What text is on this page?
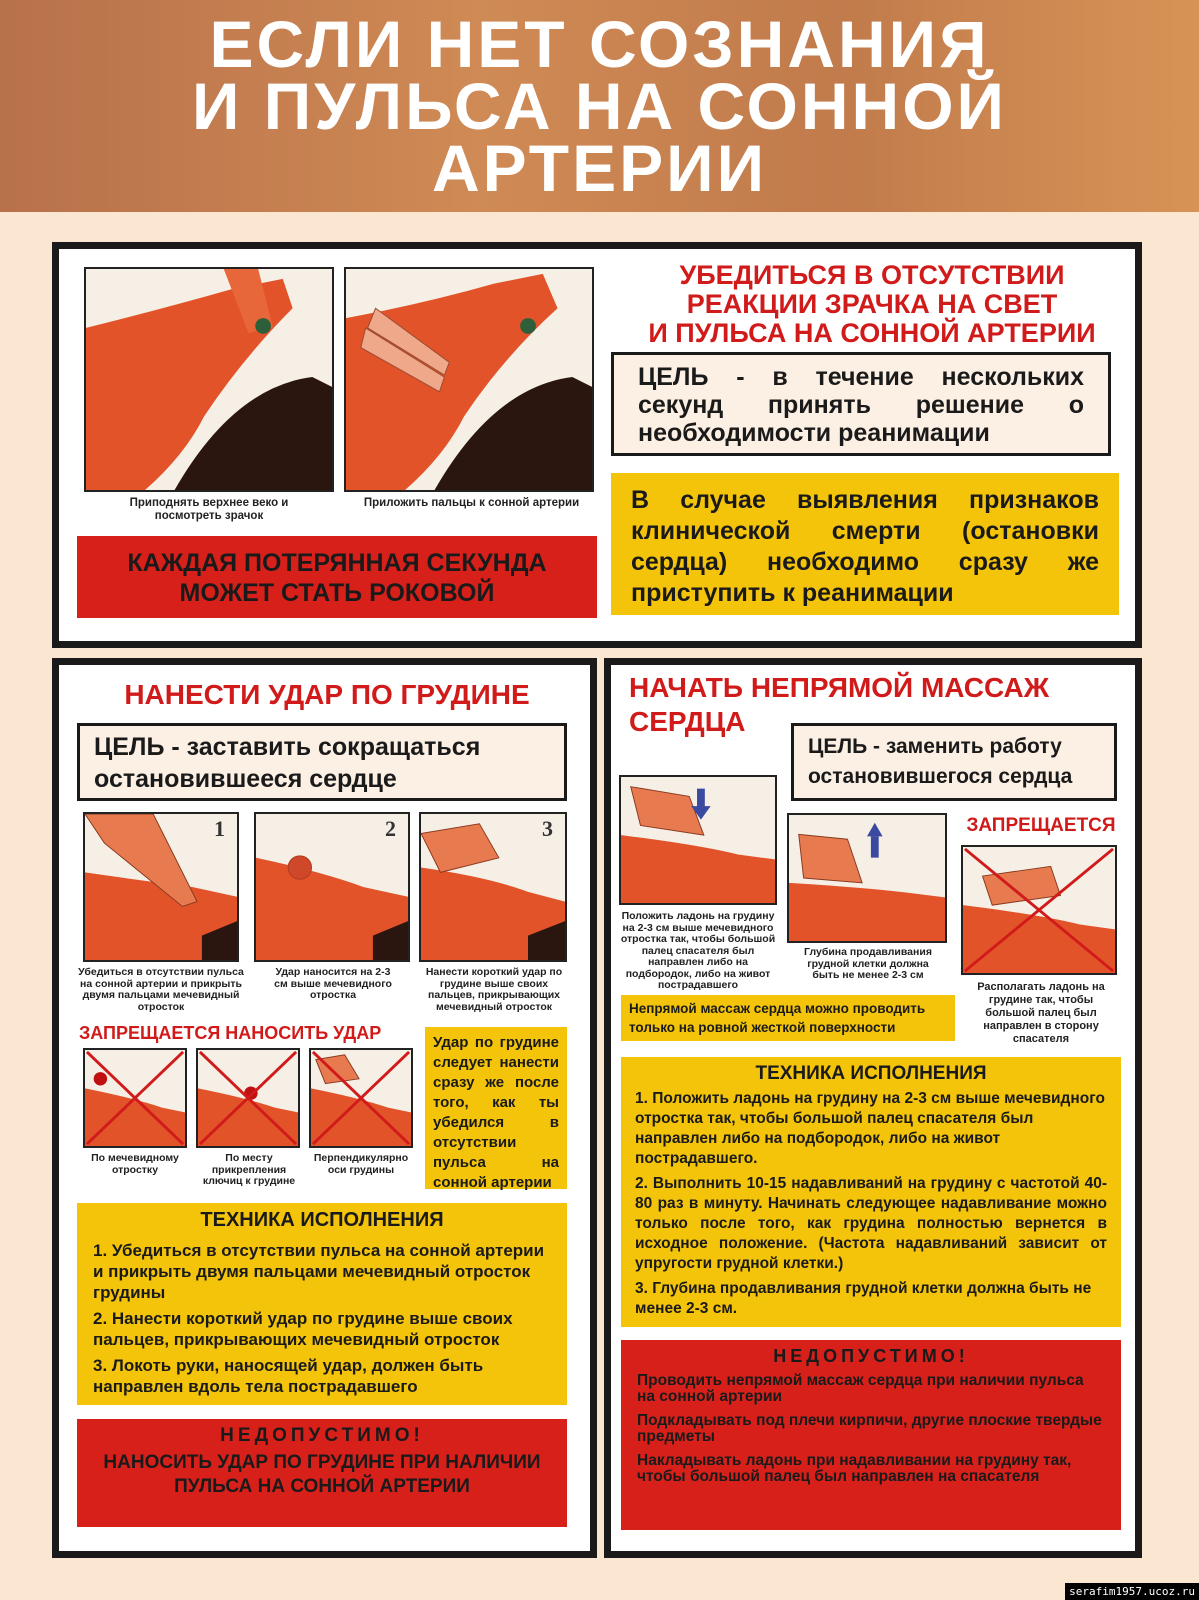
ЕСЛИ НЕТ СОЗНАНИЯ
И ПУЛЬСА НА СОННОЙ
АРТЕРИИ
Приподнять верхнее веко и посмотреть зрачок
Приложить пальцы к сонной артерии
КАЖДАЯ ПОТЕРЯННАЯ СЕКУНДА МОЖЕТ СТАТЬ РОКОВОЙ
УБЕДИТЬСЯ В ОТСУТСТВИИ
РЕАКЦИИ ЗРАЧКА НА СВЕТ
И ПУЛЬСА НА СОННОЙ АРТЕРИИ
ЦЕЛЬ - в течение нескольких секунд принять решение о необходимости реанимации
В случае выявления признаков клинической смерти (остановки сердца) необходимо сразу же приступить к реанимации
НАНЕСТИ УДАР ПО ГРУДИНЕ
ЦЕЛЬ - заставить сокращаться остановившееся сердце
1	2	3
Убедиться в отсутствии пульса на сонной артерии и прикрыть двумя пальцами мечевидный отросток
Удар наносится на 2-3 см выше мечевидного отростка
Нанести короткий удар по грудине выше своих пальцев, прикрывающих мечевидный отросток
ЗАПРЕЩАЕТСЯ НАНОСИТЬ УДАР
По мечевидному отростку
По месту прикрепления ключиц к грудине
Перпендикулярно оси грудины
Удар по грудине следует нанести сразу же после того, как ты убедился в отсутствии пульса на сонной артерии
ТЕХНИКА ИСПОЛНЕНИЯ
1. Убедиться в отсутствии пульса на сонной артерии и прикрыть двумя пальцами мечевидный отросток грудины
2. Нанести короткий удар по грудине выше своих пальцев, прикрывающих мечевидный отросток
3. Локоть руки, наносящей удар, должен быть направлен вдоль тела пострадавшего
НЕДОПУСТИМО!
НАНОСИТЬ УДАР ПО ГРУДИНЕ ПРИ НАЛИЧИИ ПУЛЬСА НА СОННОЙ АРТЕРИИ
НАЧАТЬ НЕПРЯМОЙ МАССАЖ
СЕРДЦА
ЦЕЛЬ - заменить работу остановившегося сердца
ЗАПРЕЩАЕТСЯ
Положить ладонь на грудину на 2-3 см выше мечевидного отростка так, чтобы большой палец спасателя был направлен либо на подбородок, либо на живот пострадавшего
Глубина продавливания грудной клетки должна быть не менее 2-3 см
Располагать ладонь на грудине так, чтобы большой палец был направлен в сторону спасателя
Непрямой массаж сердца можно проводить только на ровной жесткой поверхности
ТЕХНИКА ИСПОЛНЕНИЯ
1. Положить ладонь на грудину на 2-3 см выше мечевидного отростка так, чтобы большой палец спасателя был направлен либо на подбородок, либо на живот пострадавшего.
2. Выполнить 10-15 надавливаний на грудину с частотой 40-80 раз в минуту. Начинать следующее надавливание можно только после того, как грудина полностью вернется в исходное положение. (Частота надавливаний зависит от упругости грудной клетки.)
3. Глубина продавливания грудной клетки должна быть не менее 2-3 см.
НЕДОПУСТИМО!
Проводить непрямой массаж сердца при наличии пульса на сонной артерии
Подкладывать под плечи кирпичи, другие плоские твердые предметы
Накладывать ладонь при надавливании на грудину так, чтобы большой палец был направлен на спасателя
serafim1957.ucoz.ru
